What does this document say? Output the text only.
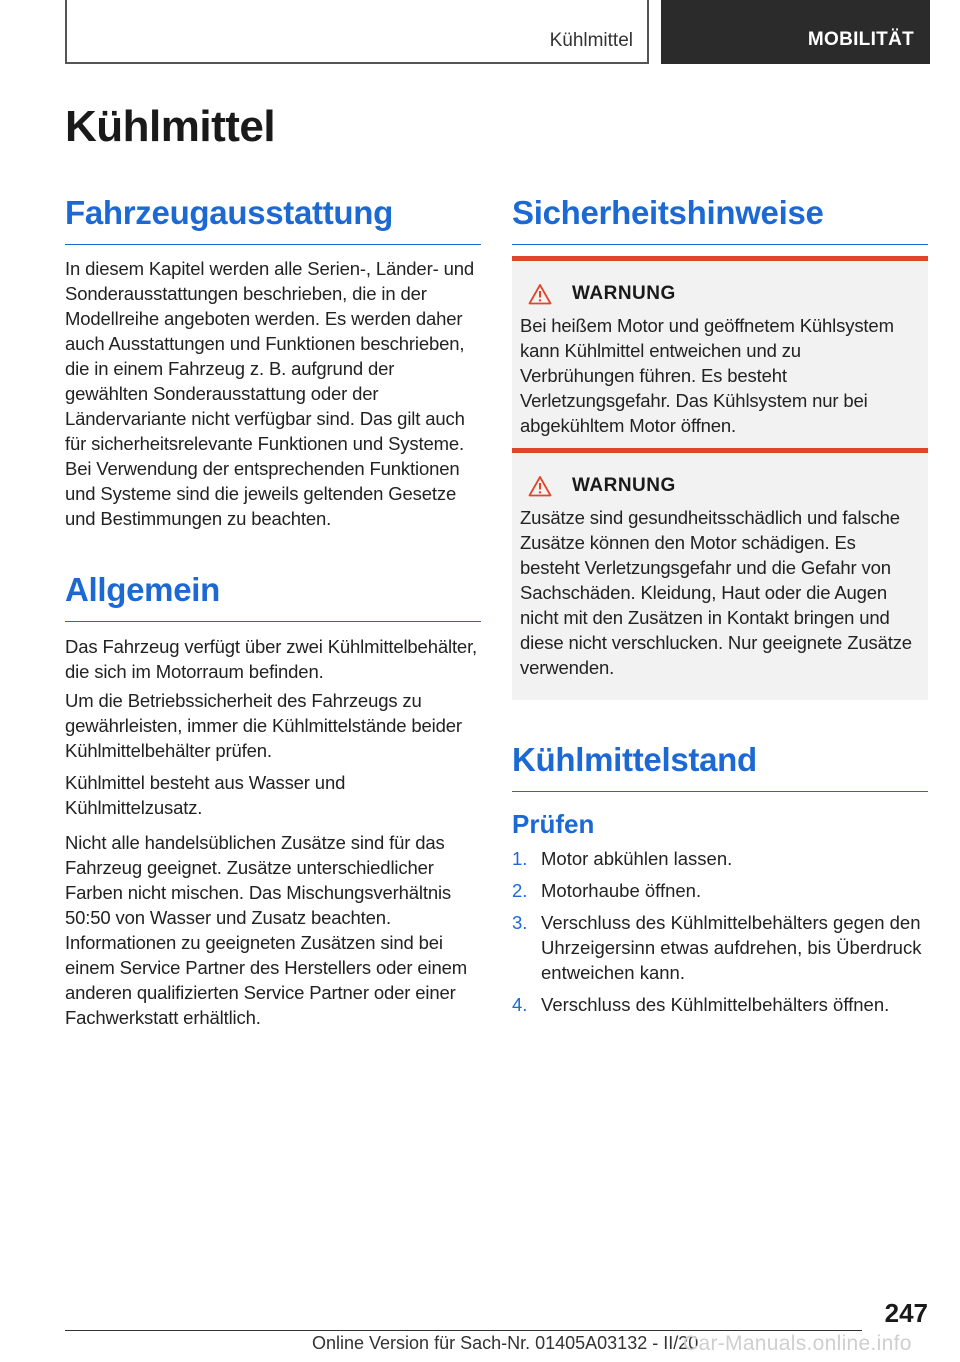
Kühlmittel	MOBILITÄT
Kühlmittel
Fahrzeugausstattung

In diesem Kapitel werden alle Serien-, Länder- und Sonderausstattungen beschrieben, die in der Modellreihe angeboten werden. Es werden daher auch Ausstattungen und Funktionen beschrieben, die in einem Fahrzeug z. B. aufgrund der gewählten Sonderausstattung oder der Ländervariante nicht verfügbar sind. Das gilt auch für sicherheitsrelevante Funktionen und Systeme. Bei Verwendung der entsprechenden Funktionen und Systeme sind die jeweils geltenden Gesetze und Bestimmungen zu beachten.

Allgemein

Das Fahrzeug verfügt über zwei Kühlmittelbehälter, die sich im Motorraum befinden.

Um die Betriebssicherheit des Fahrzeugs zu gewährleisten, immer die Kühlmittelstände beider Kühlmittelbehälter prüfen.

Kühlmittel besteht aus Wasser und Kühlmittelzusatz.

Nicht alle handelsüblichen Zusätze sind für das Fahrzeug geeignet. Zusätze unterschiedlicher Farben nicht mischen. Das Mischungsverhältnis 50:50 von Wasser und Zusatz beachten. Informationen zu geeigneten Zusätzen sind bei einem Service Partner des Herstellers oder einem anderen qualifizierten Service Partner oder einer Fachwerkstatt erhältlich.

Sicherheitshinweise
WARNUNG

Bei heißem Motor und geöffnetem Kühlsystem kann Kühlmittel entweichen und zu Verbrühungen führen. Es besteht Verletzungsgefahr. Das Kühlsystem nur bei abgekühltem Motor öffnen.

WARNUNG

Zusätze sind gesundheitsschädlich und falsche Zusätze können den Motor schädigen. Es besteht Verletzungsgefahr und die Gefahr von Sachschäden. Kleidung, Haut oder die Augen nicht mit den Zusätzen in Kontakt bringen und diese nicht verschlucken. Nur geeignete Zusätze verwenden.

Kühlmittelstand
Prüfen
1. Motor abkühlen lassen.
2. Motorhaube öffnen.
3. Verschluss des Kühlmittelbehälters gegen den Uhrzeigersinn etwas aufdrehen, bis Überdruck entweichen kann.
4. Verschluss des Kühlmittelbehälters öffnen.
247
Online Version für Sach-Nr. 01405A03132 - II/20
Car-Manuals.online.info
